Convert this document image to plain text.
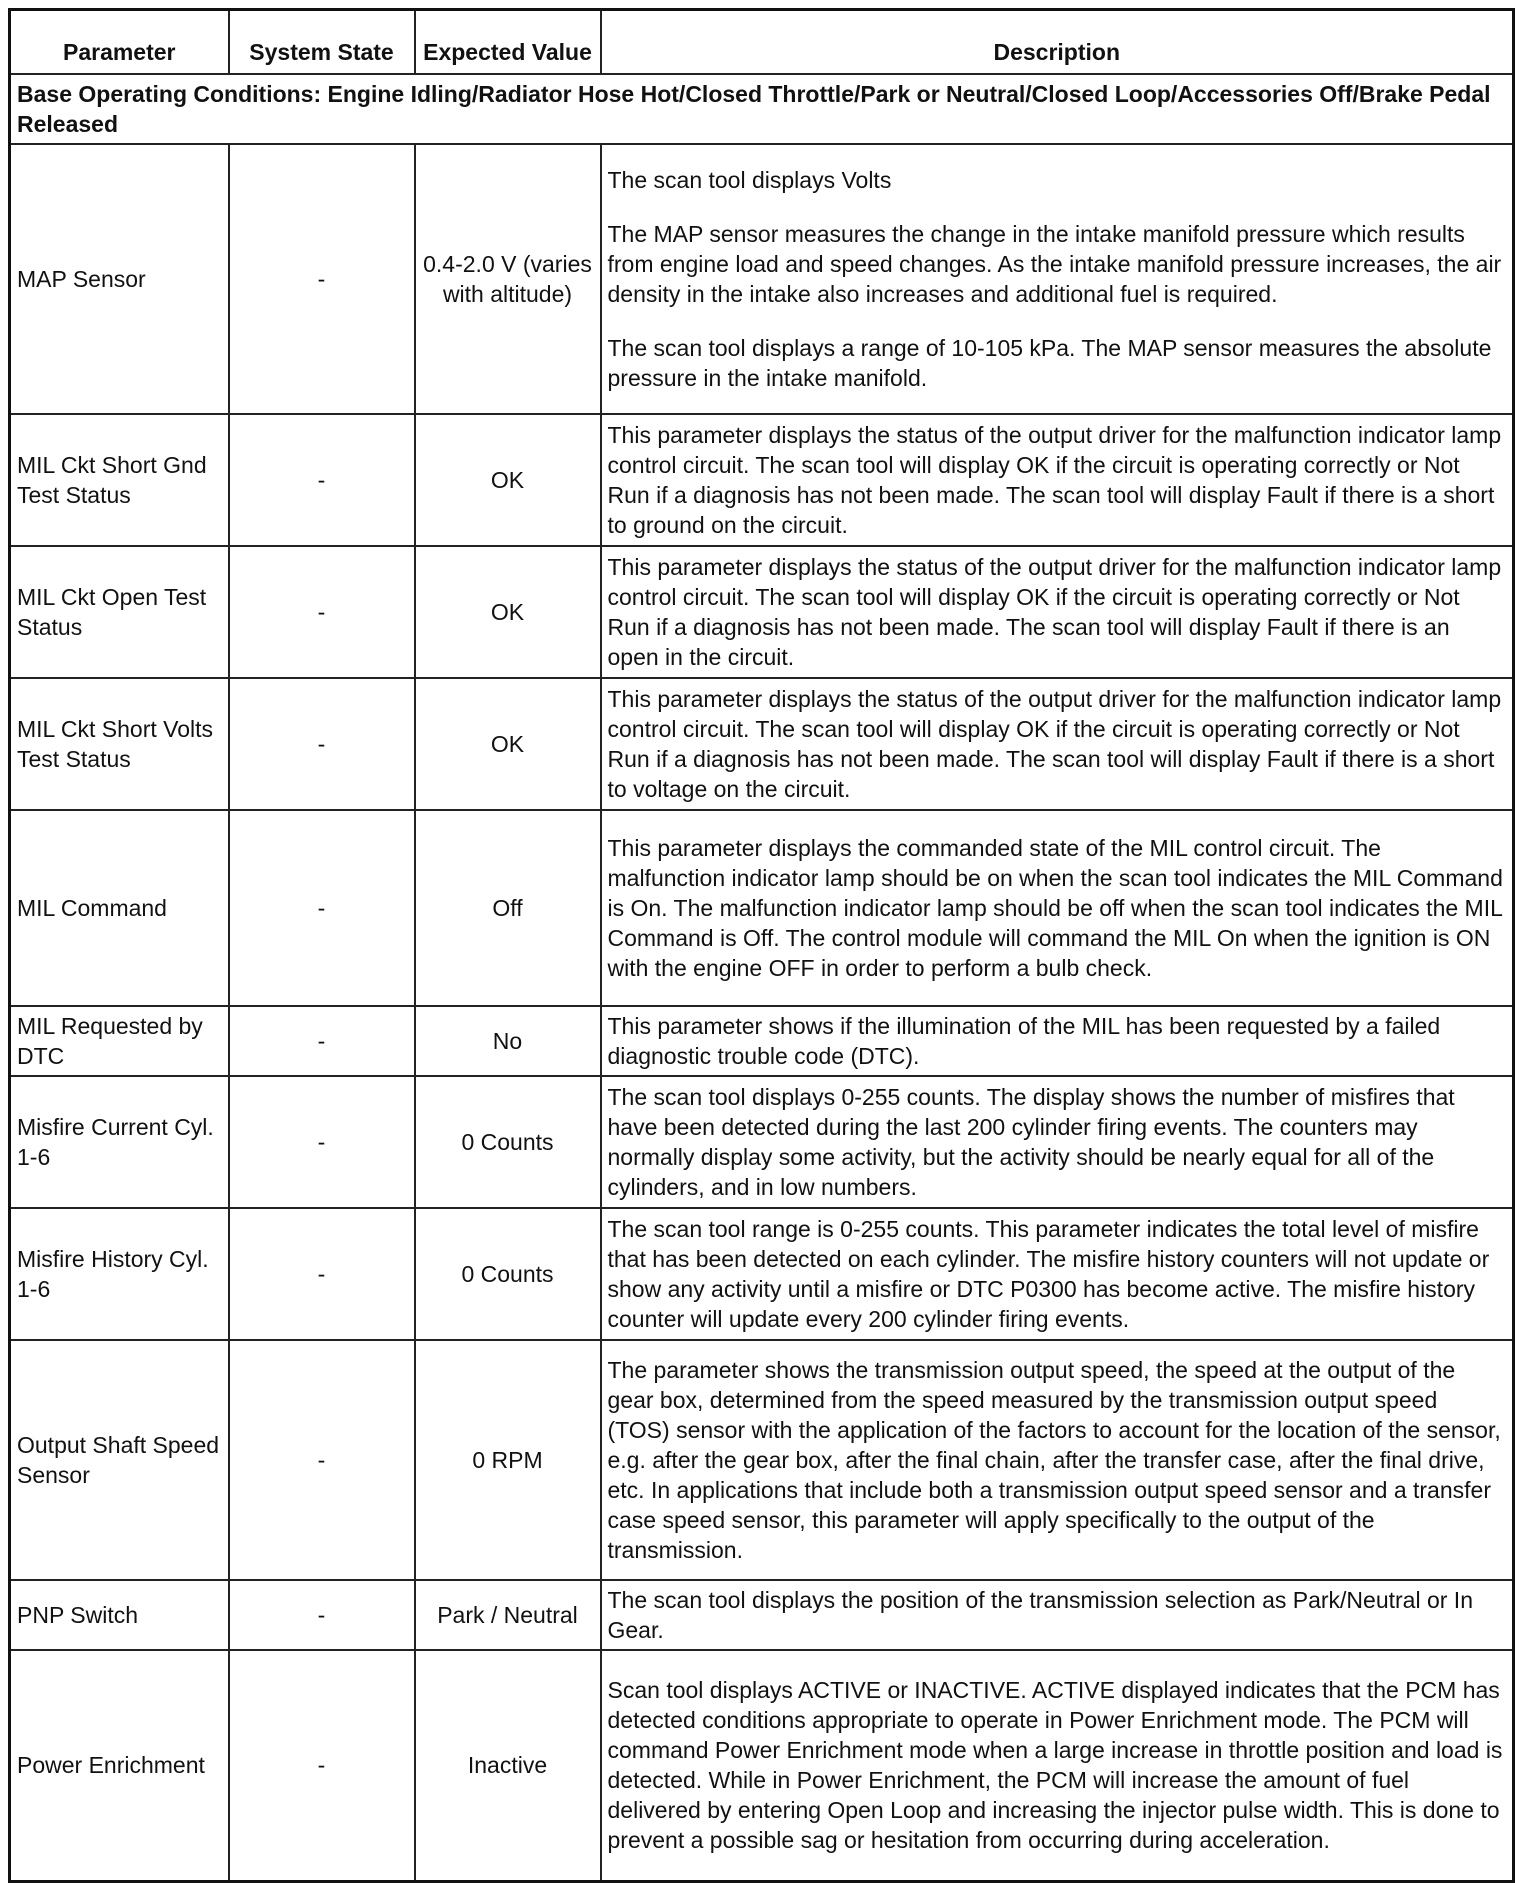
Parameter	System State	Expected Value	Description
Base Operating Conditions: Engine Idling/Radiator Hose Hot/Closed Throttle/Park or Neutral/Closed Loop/Accessories Off/Brake Pedal Released			
MAP Sensor	-	0.4-2.0 V (varies with altitude)	The scan tool displays Volts

The MAP sensor measures the change in the intake manifold pressure which results from engine load and speed changes. As the intake manifold pressure increases, the air density in the intake also increases and additional fuel is required.

The scan tool displays a range of 10-105 kPa. The MAP sensor measures the absolute pressure in the intake manifold.

MIL Ckt Short Gnd Test Status	-	OK	This parameter displays the status of the output driver for the malfunction indicator lamp control circuit. The scan tool will display OK if the circuit is operating correctly or Not Run if a diagnosis has not been made. The scan tool will display Fault if there is a short to ground on the circuit.

MIL Ckt Open Test Status	-	OK	This parameter displays the status of the output driver for the malfunction indicator lamp control circuit. The scan tool will display OK if the circuit is operating correctly or Not Run if a diagnosis has not been made. The scan tool will display Fault if there is an open in the circuit.

MIL Ckt Short Volts Test Status	-	OK	This parameter displays the status of the output driver for the malfunction indicator lamp control circuit. The scan tool will display OK if the circuit is operating correctly or Not Run if a diagnosis has not been made. The scan tool will display Fault if there is a short to voltage on the circuit.

MIL Command	-	Off	This parameter displays the commanded state of the MIL control circuit. The malfunction indicator lamp should be on when the scan tool indicates the MIL Command is On. The malfunction indicator lamp should be off when the scan tool indicates the MIL Command is Off. The control module will command the MIL On when the ignition is ON with the engine OFF in order to perform a bulb check.

MIL Requested by DTC	-	No	This parameter shows if the illumination of the MIL has been requested by a failed diagnostic trouble code (DTC).

Misfire Current Cyl. 1-6	-	0 Counts	The scan tool displays 0-255 counts. The display shows the number of misfires that have been detected during the last 200 cylinder firing events. The counters may normally display some activity, but the activity should be nearly equal for all of the cylinders, and in low numbers.

Misfire History Cyl. 1-6	-	0 Counts	The scan tool range is 0-255 counts. This parameter indicates the total level of misfire that has been detected on each cylinder. The misfire history counters will not update or show any activity until a misfire or DTC P0300 has become active. The misfire history counter will update every 200 cylinder firing events.

Output Shaft Speed Sensor	-	0 RPM	The parameter shows the transmission output speed, the speed at the output of the gear box, determined from the speed measured by the transmission output speed (TOS) sensor with the application of the factors to account for the location of the sensor, e.g. after the gear box, after the final chain, after the transfer case, after the final drive, etc. In applications that include both a transmission output speed sensor and a transfer case speed sensor, this parameter will apply specifically to the output of the transmission.

PNP Switch	-	Park / Neutral	The scan tool displays the position of the transmission selection as Park/Neutral or In Gear.

Power Enrichment	-	Inactive	Scan tool displays ACTIVE or INACTIVE. ACTIVE displayed indicates that the PCM has detected conditions appropriate to operate in Power Enrichment mode. The PCM will command Power Enrichment mode when a large increase in throttle position and load is detected. While in Power Enrichment, the PCM will increase the amount of fuel delivered by entering Open Loop and increasing the injector pulse width. This is done to prevent a possible sag or hesitation from occurring during acceleration.
